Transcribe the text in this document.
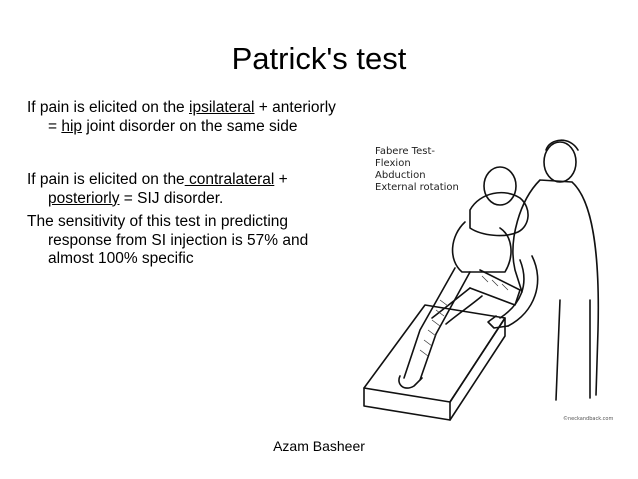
Patrick's test
If pain is elicited on the ipsilateral + anteriorly = hip joint disorder on the same side
If pain is elicited on the contralateral + posteriorly = SIJ disorder.
The sensitivity of this test in predicting response from SI injection is 57% and almost 100% specific
Fabere Test-
Flexion
Abduction
External rotation
©neckandback.com
Azam Basheer
